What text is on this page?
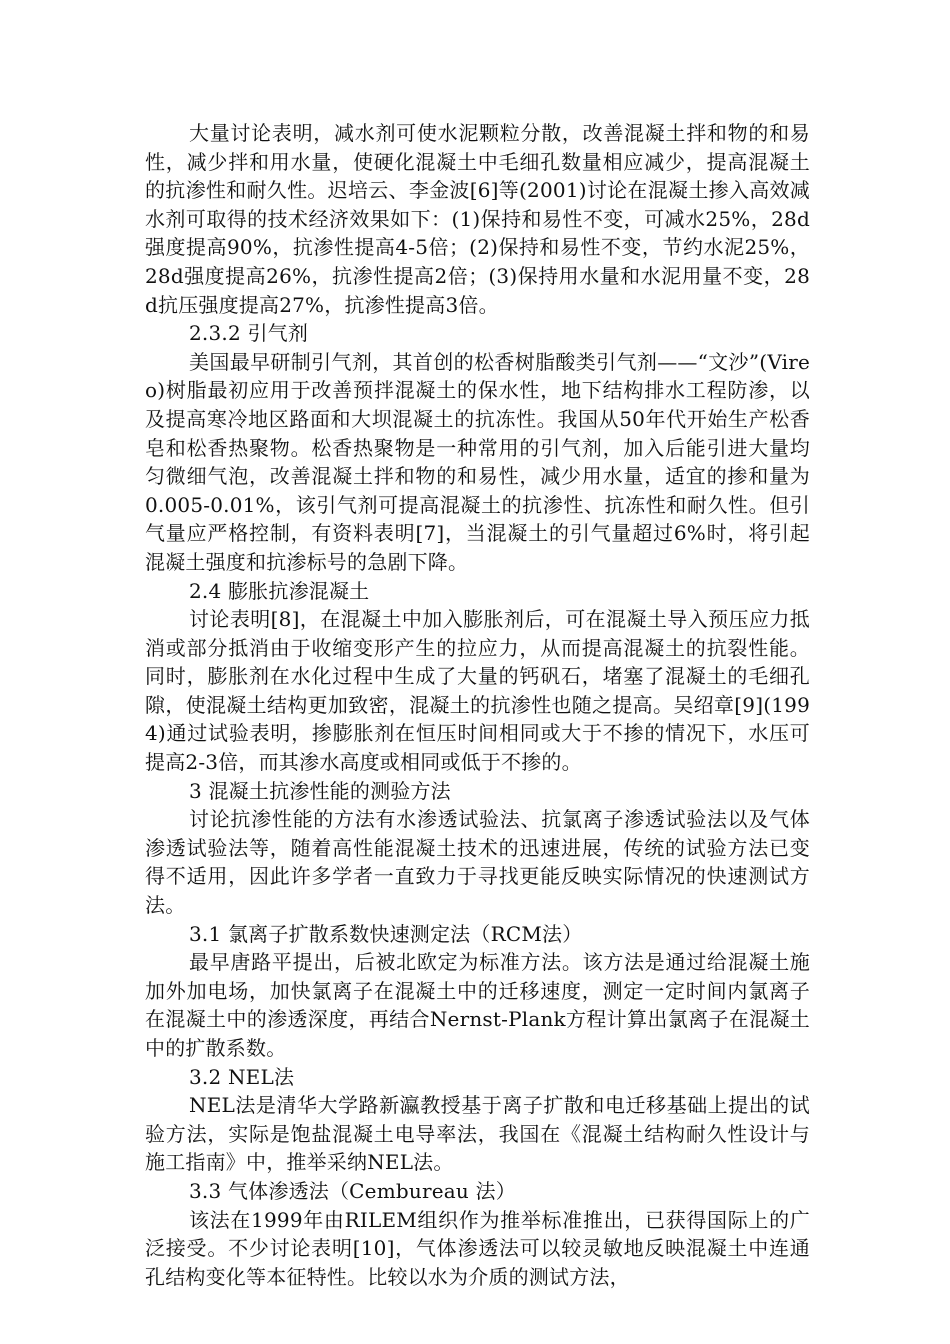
大量讨论表明，减水剂可使水泥颗粒分散，改善混凝土拌和物的和易性，减少拌和用水量，使硬化混凝土中毛细孔数量相应减少，提高混凝土的抗渗性和耐久性。迟培云、李金波[6]等(2001)讨论在混凝土掺入高效减水剂可取得的技术经济效果如下：(1)保持和易性不变，可减水25%，28d强度提高90%，抗渗性提高4-5倍；(2)保持和易性不变，节约水泥25%，28d强度提高26%，抗渗性提高2倍；(3)保持用水量和水泥用量不变，28d抗压强度提高27%，抗渗性提高3倍。

2.3.2 引气剂

美国最早研制引气剂，其首创的松香树脂酸类引气剂——“文沙”(Vireo)树脂最初应用于改善预拌混凝土的保水性，地下结构排水工程防渗，以及提高寒冷地区路面和大坝混凝土的抗冻性。我国从50年代开始生产松香皂和松香热聚物。松香热聚物是一种常用的引气剂，加入后能引进大量均匀微细气泡，改善混凝土拌和物的和易性，减少用水量，适宜的掺和量为0.005-0.01%，该引气剂可提高混凝土的抗渗性、抗冻性和耐久性。但引气量应严格控制，有资料表明[7]，当混凝土的引气量超过6%时，将引起混凝土强度和抗渗标号的急剧下降。

2.4 膨胀抗渗混凝土

讨论表明[8]，在混凝土中加入膨胀剂后，可在混凝土导入预压应力抵消或部分抵消由于收缩变形产生的拉应力，从而提高混凝土的抗裂性能。同时，膨胀剂在水化过程中生成了大量的钙矾石，堵塞了混凝土的毛细孔隙，使混凝土结构更加致密，混凝土的抗渗性也随之提高。吴绍章[9](1994)通过试验表明，掺膨胀剂在恒压时间相同或大于不掺的情况下，水压可提高2-3倍，而其渗水高度或相同或低于不掺的。

3 混凝土抗渗性能的测验方法

讨论抗渗性能的方法有水渗透试验法、抗氯离子渗透试验法以及气体渗透试验法等，随着高性能混凝土技术的迅速进展，传统的试验方法已变得不适用，因此许多学者一直致力于寻找更能反映实际情况的快速测试方法。

3.1 氯离子扩散系数快速测定法（RCM法）

最早唐路平提出，后被北欧定为标准方法。该方法是通过给混凝土施加外加电场，加快氯离子在混凝土中的迁移速度，测定一定时间内氯离子在混凝土中的渗透深度，再结合Nernst-Plank方程计算出氯离子在混凝土中的扩散系数。

3.2 NEL法

NEL法是清华大学路新瀛教授基于离子扩散和电迁移基础上提出的试验方法，实际是饱盐混凝土电导率法，我国在《混凝土结构耐久性设计与施工指南》中，推举采纳NEL法。

3.3 气体渗透法（Cembureau 法）

该法在1999年由RILEM组织作为推举标准推出，已获得国际上的广泛接受。不少讨论表明[10]，气体渗透法可以较灵敏地反映混凝土中连通孔结构变化等本征特性。比较以水为介质的测试方法，
